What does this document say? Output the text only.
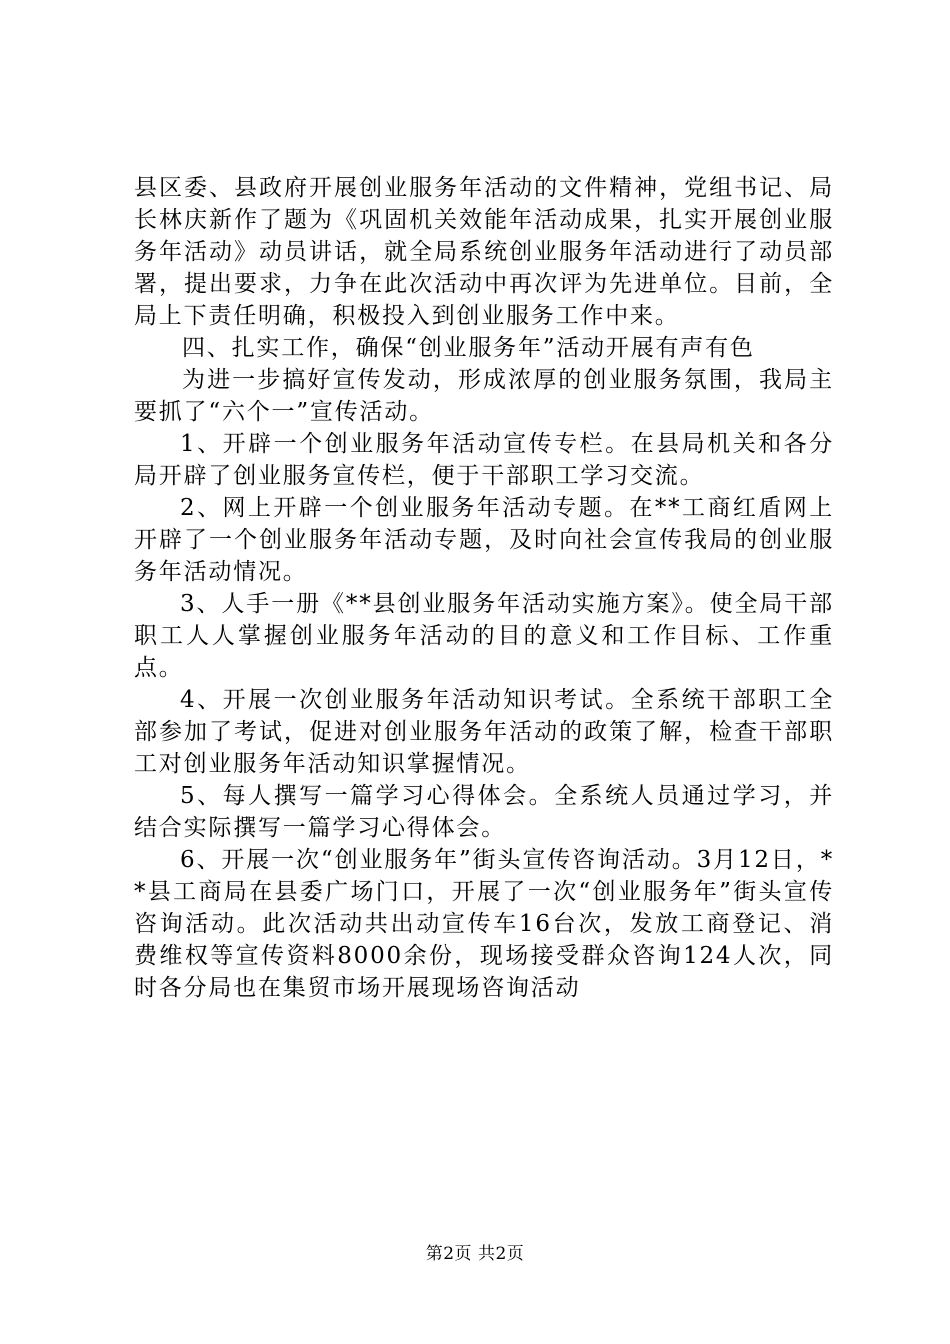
县区委、县政府开展创业服务年活动的文件精神，党组书记、局长林庆新作了题为《巩固机关效能年活动成果，扎实开展创业服务年活动》动员讲话，就全局系统创业服务年活动进行了动员部署，提出要求，力争在此次活动中再次评为先进单位。目前，全局上下责任明确，积极投入到创业服务工作中来。

四、扎实工作，确保“创业服务年”活动开展有声有色

为进一步搞好宣传发动，形成浓厚的创业服务氛围，我局主要抓了“六个一”宣传活动。

1、开辟一个创业服务年活动宣传专栏。在县局机关和各分局开辟了创业服务宣传栏，便于干部职工学习交流。

2、网上开辟一个创业服务年活动专题。在**工商红盾网上开辟了一个创业服务年活动专题，及时向社会宣传我局的创业服务年活动情况。

3、人手一册《**县创业服务年活动实施方案》。使全局干部职工人人掌握创业服务年活动的目的意义和工作目标、工作重点。

4、开展一次创业服务年活动知识考试。全系统干部职工全部参加了考试，促进对创业服务年活动的政策了解，检查干部职工对创业服务年活动知识掌握情况。

5、每人撰写一篇学习心得体会。全系统人员通过学习，并结合实际撰写一篇学习心得体会。

6、开展一次“创业服务年”街头宣传咨询活动。3月12日，**县工商局在县委广场门口，开展了一次“创业服务年”街头宣传咨询活动。此次活动共出动宣传车16台次，发放工商登记、消费维权等宣传资料8000余份，现场接受群众咨询124人次，同时各分局也在集贸市场开展现场咨询活动

第2页 共2页
